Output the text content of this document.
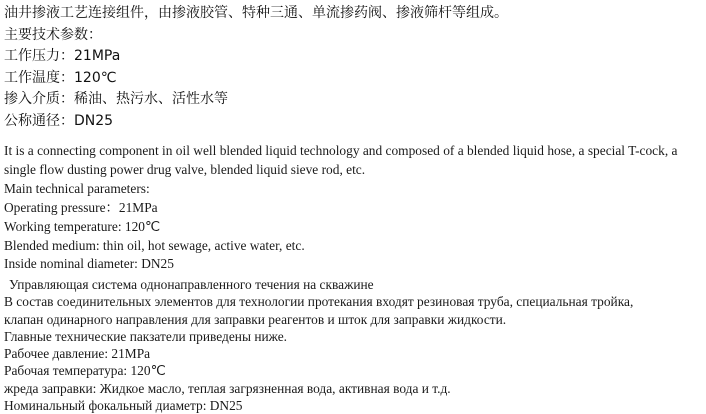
油井掺液工艺连接组件，由掺液胶管、特种三通、单流掺药阀、掺液筛杆等组成。
主要技术参数：
工作压力：21MPa
工作温度：120℃
掺入介质：稀油、热污水、活性水等
公称通径：DN25
It is a connecting component in oil well blended liquid technology and composed of a blended liquid hose, a special T-cock, a
single flow dusting power drug valve, blended liquid sieve rod, etc.
Main technical parameters:
Operating pressure：21MPa
Working temperature: 120℃
Blended medium: thin oil, hot sewage, active water, etc.
Inside nominal diameter: DN25
Управляющая система однонаправленного течения на скважине
В состав соединительных элементов для технологии протекания входят резиновая труба, специальная тройка,
клапан одинарного направления для заправки реагентов и шток для заправки жидкости.
Главные технические пакзатели приведены ниже.
Рабочее давление: 21MPa
Рабочая температура: 120℃
жреда заправки: Жидкое масло, теплая загрязненная вода, активная вода и т.д.
Номинальный фокальный диаметр: DN25
